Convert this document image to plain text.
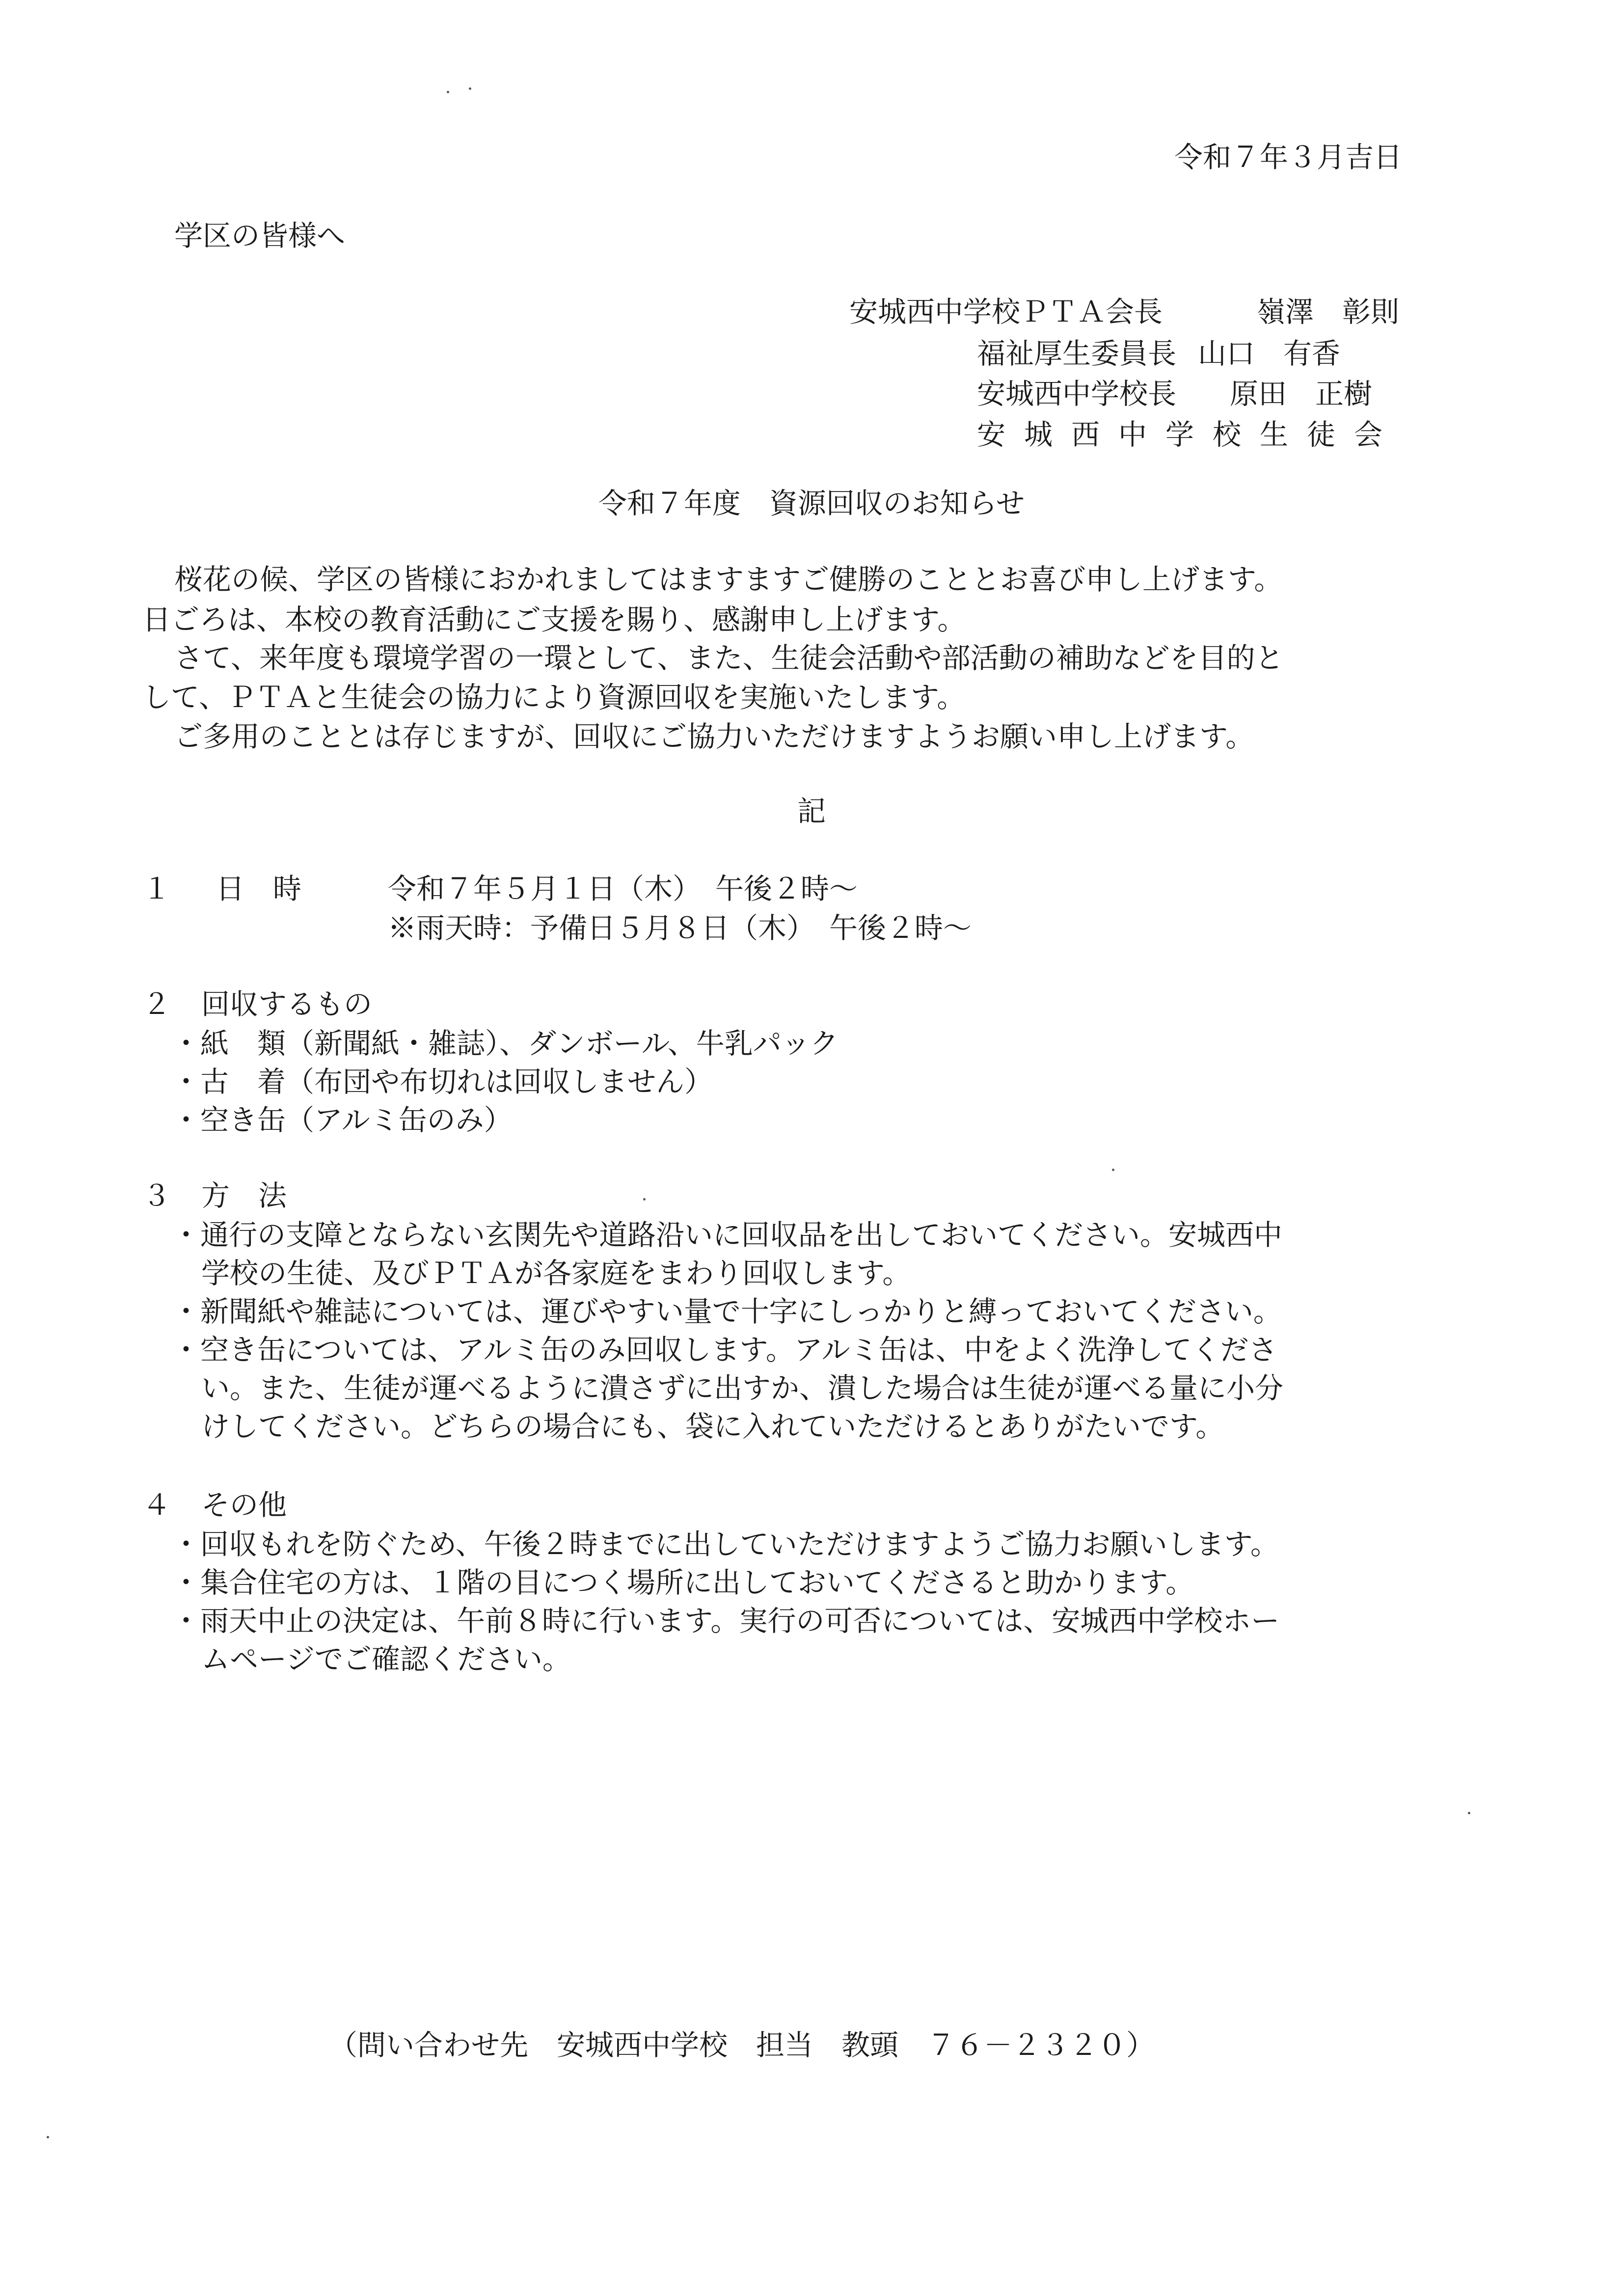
令和７年３月吉日
学区の皆様へ
安城西中学校ＰＴＡ会長	嶺澤　彰則
福祉厚生委員長 山口　有香
安城西中学校長 原田　正樹
安城西中学校生徒会
令和７年度　資源回収のお知らせ
桜花の候、学区の皆様におかれましてはますますご健勝のこととお喜び申し上げます。
日ごろは、本校の教育活動にご支援を賜り、感謝申し上げます。
さて、来年度も環境学習の一環として、また、生徒会活動や部活動の補助などを目的と
して、ＰＴＡと生徒会の協力により資源回収を実施いたします。
ご多用のこととは存じますが、回収にご協力いただけますようお願い申し上げます。
記
１ 日　時	令和７年５月１日（木）　午後２時～
※雨天時：予備日５月８日（木）　午後２時～
２ 回収するもの
・紙　類（新聞紙・雑誌）、ダンボール、牛乳パック
・古　着（布団や布切れは回収しません）
・空き缶（アルミ缶のみ）
３ 方　法
・通行の支障とならない玄関先や道路沿いに回収品を出しておいてください。安城西中
学校の生徒、及びＰＴＡが各家庭をまわり回収します。
・新聞紙や雑誌については、運びやすい量で十字にしっかりと縛っておいてください。
・空き缶については、アルミ缶のみ回収します。アルミ缶は、中をよく洗浄してくださ
い。また、生徒が運べるように潰さずに出すか、潰した場合は生徒が運べる量に小分
けしてください。どちらの場合にも、袋に入れていただけるとありがたいです。
４ その他
・回収もれを防ぐため、午後２時までに出していただけますようご協力お願いします。
・集合住宅の方は、１階の目につく場所に出しておいてくださると助かります。
・雨天中止の決定は、午前８時に行います。実行の可否については、安城西中学校ホー
ムページでご確認ください。
（問い合わせ先　安城西中学校　担当　教頭　７６－２３２０）
